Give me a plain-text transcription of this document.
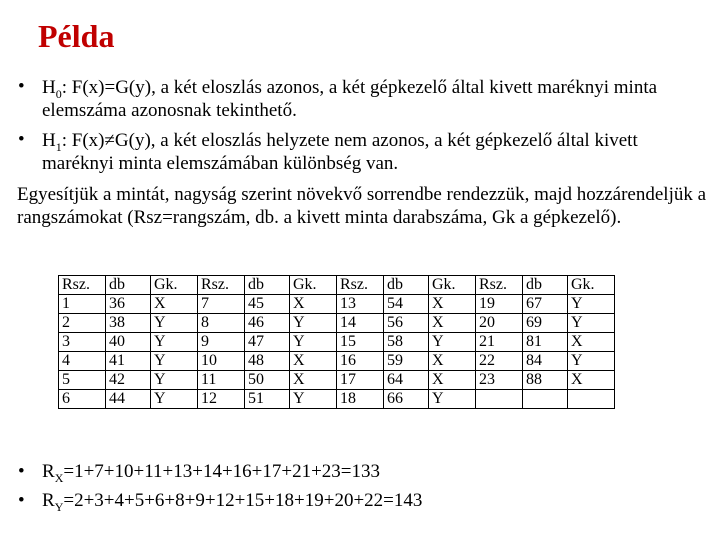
Példa
• $H_0$: F(x)=G(y), a két eloszlás azonos, a két gépkezelő által kivett maréknyi minta elemszáma azonosnak tekinthető.
• $H_1$: F(x)≠G(y), a két eloszlás helyzete nem azonos, a két gépkezelő által kivett maréknyi minta elemszámában különbség van.
Egyesítjük a mintát, nagyság szerint növekvő sorrendbe rendezzük, majd hozzárendeljük a rangszámokat (Rsz=rangszám, db. a kivett minta darabszáma, Gk a gépkezelő).
Rsz.	db	Gk.	Rsz.	db	Gk.	Rsz.	db	Gk.	Rsz.	db	Gk.
1	36	X	7	45	X	13	54	X	19	67	Y
2	38	Y	8	46	Y	14	56	X	20	69	Y
3	40	Y	9	47	Y	15	58	Y	21	81	X
4	41	Y	10	48	X	16	59	X	22	84	Y
5	42	Y	11	50	X	17	64	X	23	88	X
6	44	Y	12	51	Y	18	66	Y			
• $R_X=1+7+10+11+13+14+16+17+21+23=133$
• $R_Y=2+3+4+5+6+8+9+12+15+18+19+20+22=143$
